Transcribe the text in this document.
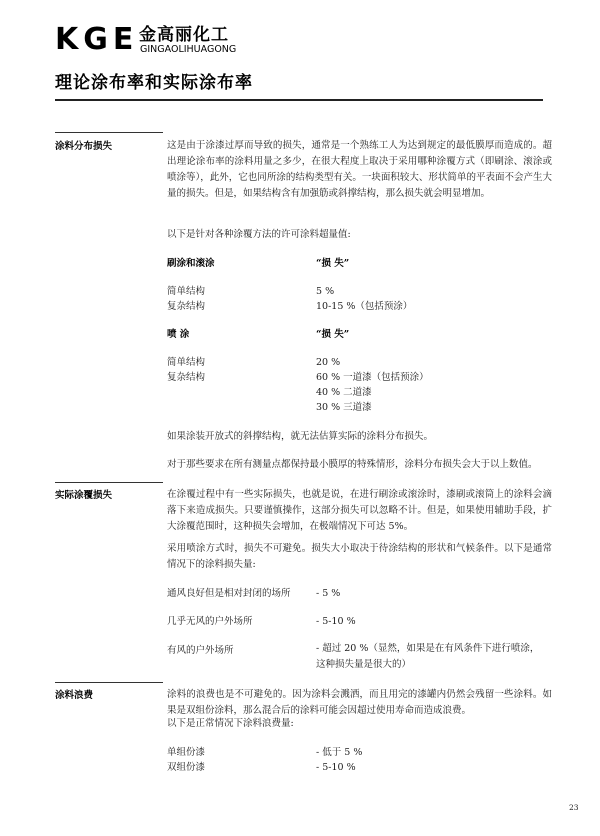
KGE 金高丽化工
GINGAOLIHUAGONG
理论涂布率和实际涂布率
涂料分布损失	这是由于涂漆过厚而导致的损失，通常是一个熟练工人为达到规定的最低膜厚而造成的。超出理论涂布率的涂料用量之多少，在很大程度上取决于采用哪种涂覆方式（即刷涂、滚涂或喷涂等），此外，它也同所涂的结构类型有关。一块面积较大、形状简单的平表面不会产生大量的损失。但是，如果结构含有加强筋或斜撑结构，那么损失就会明显增加。
以下是针对各种涂覆方法的许可涂料超量值:
刷涂和滚涂	“损 失”
简单结构	5 %
复杂结构	10-15 %（包括预涂）
喷 涂	“损 失”
简单结构	20 %
复杂结构	60 % 一道漆（包括预涂）
40 % 二道漆
30 % 三道漆
如果涂装开放式的斜撑结构，就无法估算实际的涂料分布损失。
对于那些要求在所有测量点都保持最小膜厚的特殊情形，涂料分布损失会大于以上数值。
实际涂覆损失	在涂覆过程中有一些实际损失，也就是说，在进行刷涂或滚涂时，漆刷或滚筒上的涂料会滴落下来造成损失。只要谨慎操作，这部分损失可以忽略不计。但是，如果使用辅助手段，扩大涂覆范围时，这种损失会增加，在极端情况下可达 5%。
采用喷涂方式时，损失不可避免。损失大小取决于待涂结构的形状和气候条件。以下是通常情况下的涂料损失量:
通风良好但是相对封闭的场所	- 5 %
几乎无风的户外场所	- 5-10 %
有风的户外场所	- 超过 20 %（显然，如果是在有风条件下进行喷涂，这种损失量是很大的）
涂料浪费	涂料的浪费也是不可避免的。因为涂料会溅洒，而且用完的漆罐内仍然会残留一些涂料。如果是双组份涂料，那么混合后的涂料可能会因超过使用寿命而造成浪费。
以下是正常情况下涂料浪费量:
单组份漆	- 低于 5 %
双组份漆	- 5-10 %
23
